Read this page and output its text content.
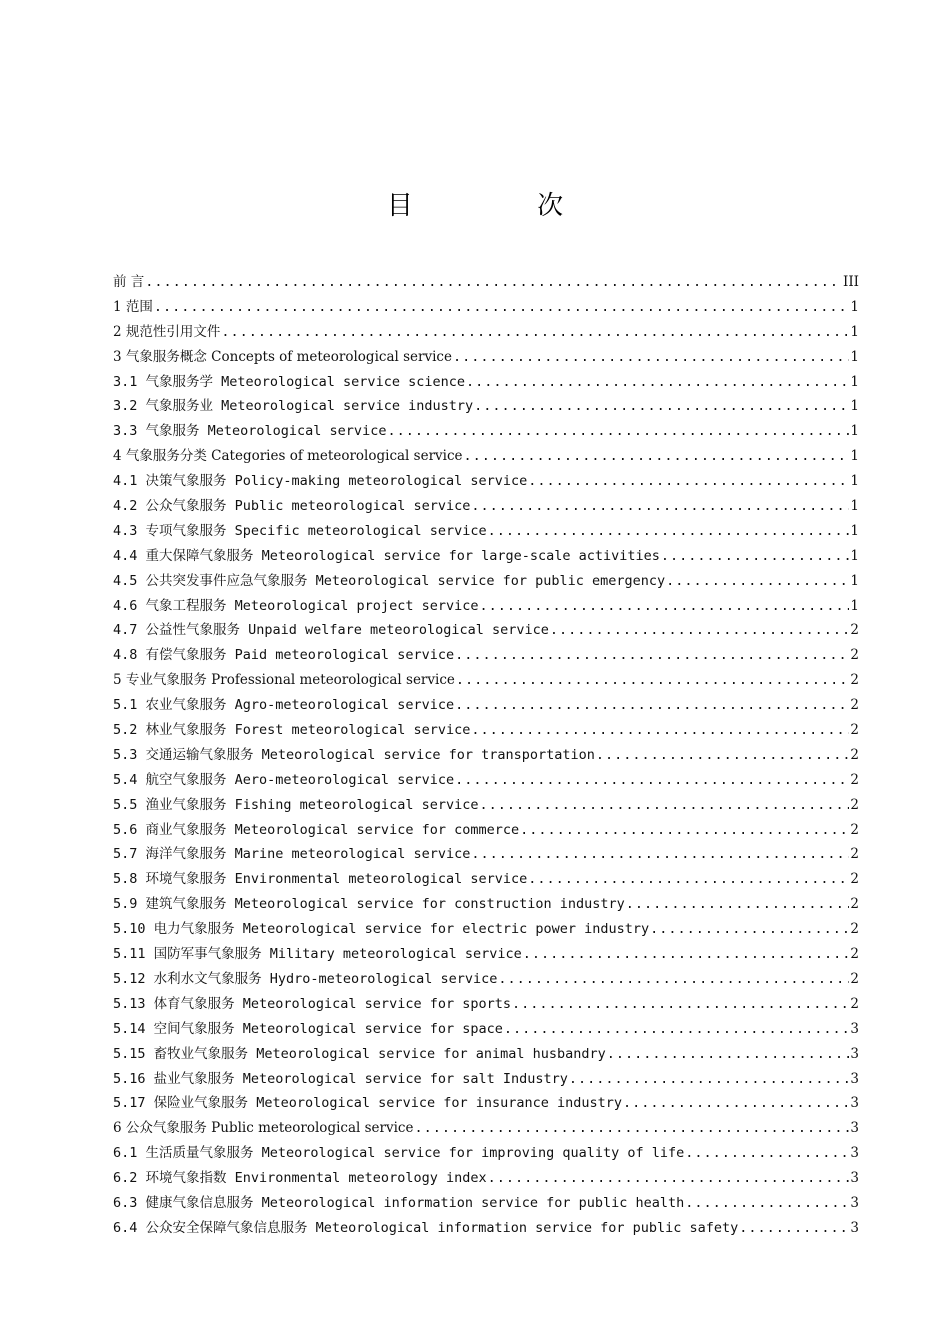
目 次
前 言 .....	III
1 范围 .....	1
2 规范性引用文件 .....	1
3 气象服务概念 Concepts of meteorological service .....	1
3.1 气象服务学 Meteorological service science .....	1
3.2 气象服务业 Meteorological service industry .....	1
3.3 气象服务 Meteorological service .....	1
4 气象服务分类 Categories of meteorological service .....	1
4.1 决策气象服务 Policy-making meteorological service .....	1
4.2 公众气象服务 Public meteorological service .....	1
4.3 专项气象服务 Specific meteorological service .....	1
4.4 重大保障气象服务 Meteorological service for large-scale activities .....	1
4.5 公共突发事件应急气象服务 Meteorological service for public emergency .....	1
4.6 气象工程服务 Meteorological project service .....	1
4.7 公益性气象服务 Unpaid welfare meteorological service .....	2
4.8 有偿气象服务 Paid meteorological service .....	2
5 专业气象服务 Professional meteorological service .....	2
5.1 农业气象服务 Agro-meteorological service .....	2
5.2 林业气象服务 Forest meteorological service .....	2
5.3 交通运输气象服务 Meteorological service for transportation .....	2
5.4 航空气象服务 Aero-meteorological service .....	2
5.5 渔业气象服务 Fishing meteorological service .....	2
5.6 商业气象服务 Meteorological service for commerce .....	2
5.7 海洋气象服务 Marine meteorological service .....	2
5.8 环境气象服务 Environmental meteorological service .....	2
5.9 建筑气象服务 Meteorological service for construction industry .....	2
5.10 电力气象服务 Meteorological service for electric power industry .....	2
5.11 国防军事气象服务 Military meteorological service .....	2
5.12 水利水文气象服务 Hydro-meteorological service .....	2
5.13 体育气象服务 Meteorological service for sports .....	2
5.14 空间气象服务 Meteorological service for space .....	3
5.15 畜牧业气象服务 Meteorological service for animal husbandry .....	3
5.16 盐业气象服务 Meteorological service for salt Industry .....	3
5.17 保险业气象服务 Meteorological service for insurance industry .....	3
6 公众气象服务 Public meteorological service .....	3
6.1 生活质量气象服务 Meteorological service for improving quality of life .....	3
6.2 环境气象指数 Environmental meteorology index .....	3
6.3 健康气象信息服务 Meteorological information service for public health .....	3
6.4 公众安全保障气象信息服务 Meteorological information service for public safety .....	3
